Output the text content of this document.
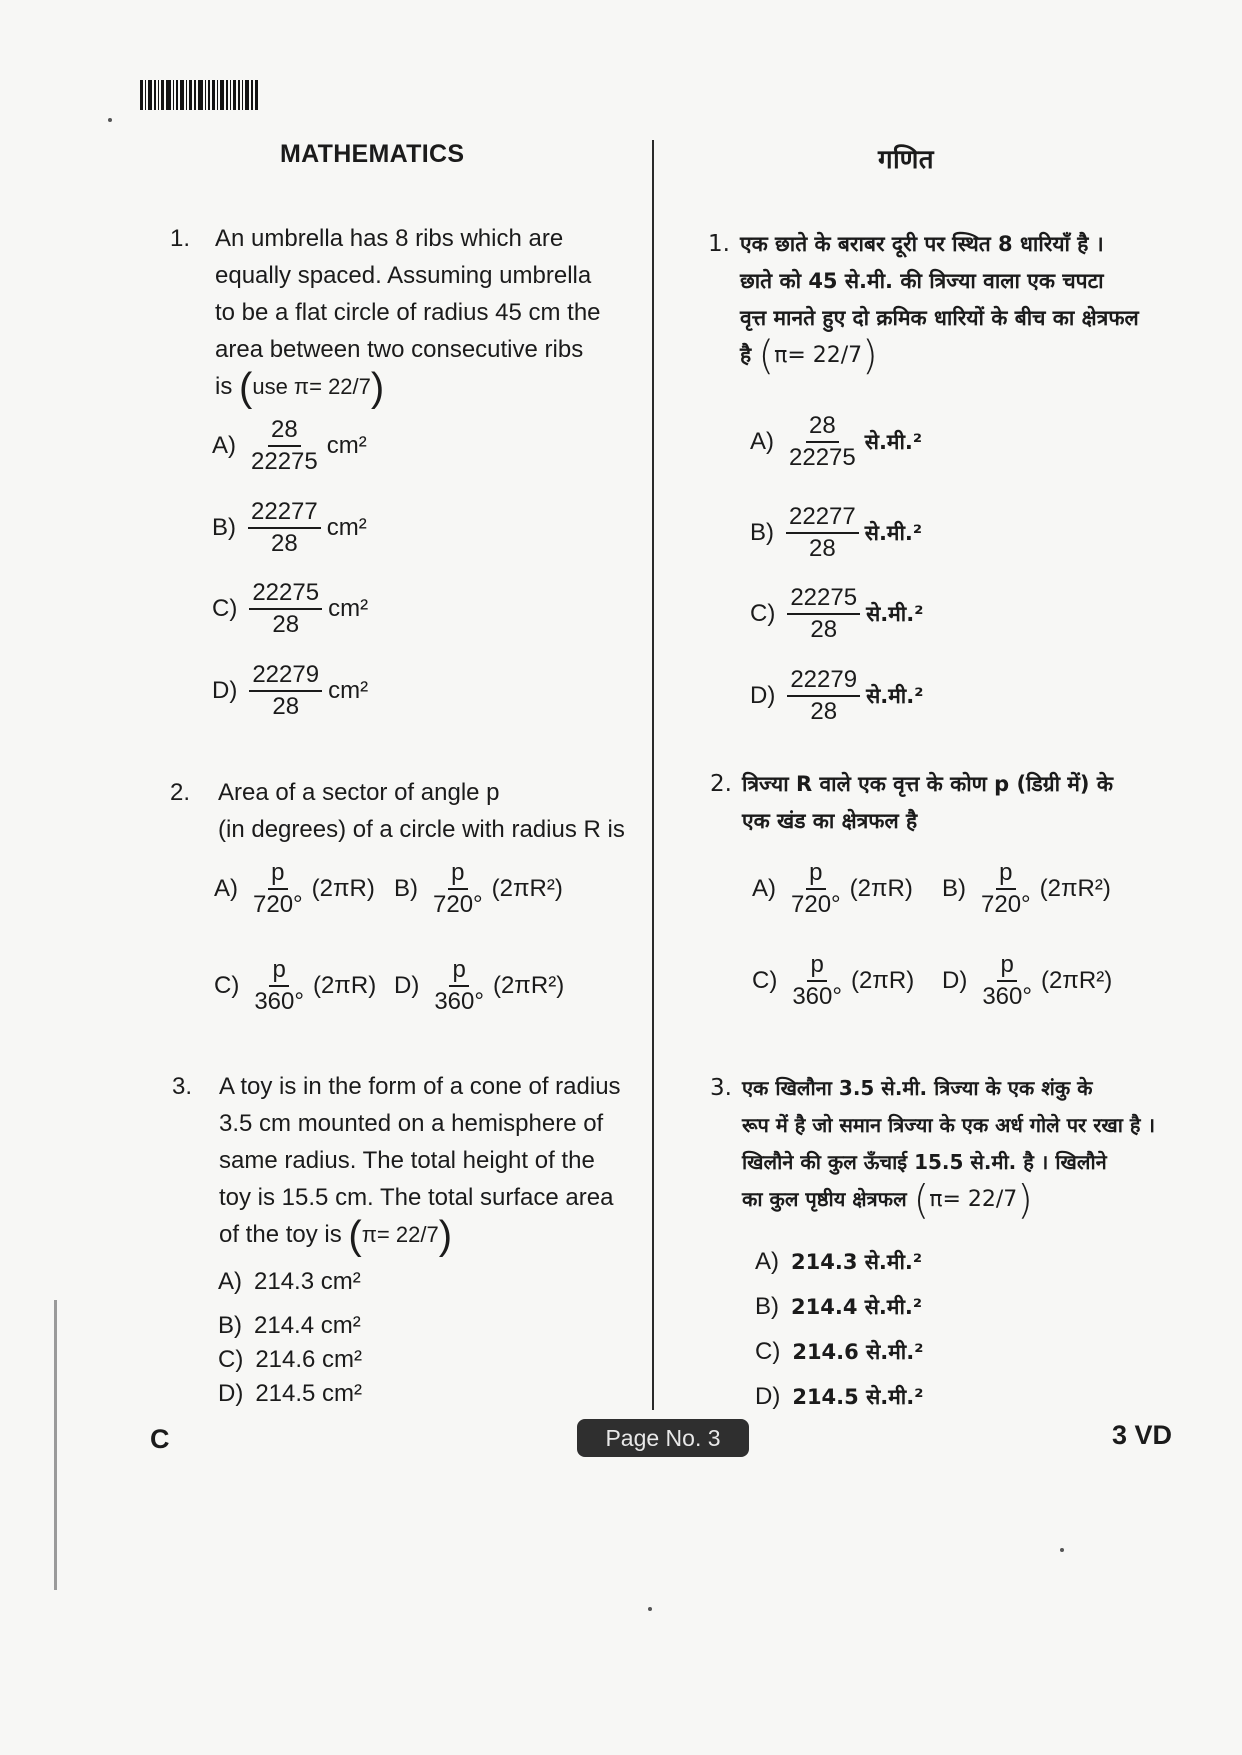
MATHEMATICS	गणित
1. An umbrella has 8 ribs which are
equally spaced. Assuming umbrella
to be a flat circle of radius 45 cm the
area between two consecutive ribs
is (use π= 22/7)
$A) \frac{28}{22275} cm^2$
$B) \frac{22277}{28} cm^2$
$C) \frac{22275}{28} cm^2$
$D) \frac{22279}{28} cm^2$
2. Area of a sector of angle p
(in degrees) of a circle with radius R is
$A) \frac{p}{720^\circ} (2\pi R)$ $B) \frac{p}{720^\circ} (2\pi R^2)$
$C) \frac{p}{360^\circ} (2\pi R)$ $D) \frac{p}{360^\circ} (2\pi R^2)$
3. A toy is in the form of a cone of radius
3.5 cm mounted on a hemisphere of
same radius. The total height of the
toy is 15.5 cm. The total surface area
of the toy is (π= 22/7)
A) 214.3 cm²
B) 214.4 cm²
C) 214.6 cm²
D) 214.5 cm²
1. एक छाते के बराबर दूरी पर स्थित 8 धारियाँ है ।
छाते को 45 से.मी. की त्रिज्या वाला एक चपटा
वृत्त मानते हुए दो क्रमिक धारियों के बीच का क्षेत्रफल
है (π= 22/7)
$A) \frac{28}{22275}$ से.मी.²
$B) \frac{22277}{28}$ से.मी.²
$C) \frac{22275}{28}$ से.मी.²
$D) \frac{22279}{28}$ से.मी.²
2. त्रिज्या R वाले एक वृत्त के कोण p (डिग्री में) के
एक खंड का क्षेत्रफल है
$A) \frac{p}{720^\circ} (2\pi R)$ $B) \frac{p}{720^\circ} (2\pi R^2)$
$C) \frac{p}{360^\circ} (2\pi R)$ $D) \frac{p}{360^\circ} (2\pi R^2)$
3. एक खिलौना 3.5 से.मी. त्रिज्या के एक शंकु के
रूप में है जो समान त्रिज्या के एक अर्ध गोले पर रखा है ।
खिलौने की कुल ऊँचाई 15.5 से.मी. है । खिलौने
का कुल पृष्ठीय क्षेत्रफल (π= 22/7)
A) 214.3 से.मी.²
B) 214.4 से.मी.²
C) 214.6 से.मी.²
D) 214.5 से.मी.²
C	Page No. 3	3 VD
